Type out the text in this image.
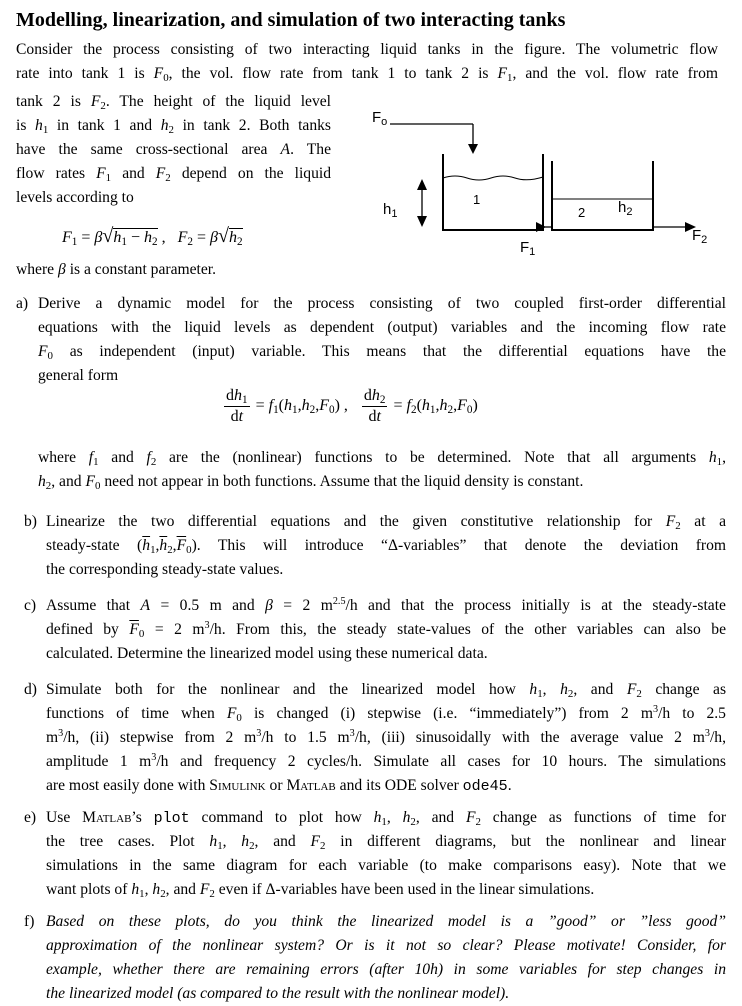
Modelling, linearization, and simulation of two interacting tanks
Consider the process consisting of two interacting liquid tanks in the figure. The volumetric flow
rate into tank 1 is $F_0$, the vol. flow rate from tank 1 to tank 2 is $F_1$, and the vol. flow rate from
tank 2 is $F_2$. The height of the liquid level
is $h_1$ in tank 1 and $h_2$ in tank 2. Both tanks
have the same cross-sectional area A. The
flow rates $F_1$ and $F_2$ depend on the liquid
levels according to
$F_1 = \beta√h_1 - h_2$ ,   $F_2 = \beta√h_2$
where β is a constant parameter.
$F_o$
1
$h_1$	2 $h_2$
$F_1$
$F_2$
a) Derive a dynamic model for the process consisting of two coupled first-order differential
equations with the liquid levels as dependent (output) variables and the incoming flow rate
$F_0$ as independent (input) variable. This means that the differential equations have the
general form
$\frac{dh_1}{dt} = f_1(h_1,h_2,F_0)$ , $\frac{dh_2}{dt} = f_2(h_1,h_2,F_0)$
where $f_1$ and $f_2$ are the (nonlinear) functions to be determined. Note that all arguments $h_1$,
$h_2$, and $F_0$ need not appear in both functions. Assume that the liquid density is constant.
b) Linearize the two differential equations and the given constitutive relationship for $F_2$ at a
steady-state $(\overline{h}_1,\overline{h}_2,\overline{F}_0)$. This will introduce “Δ-variables” that denote the deviation from
the corresponding steady-state values.
c) Assume that A = 0.5 m and β = 2 $m^{2.5}/h$ and that the process initially is at the steady-state
defined by $\overline{F}_0 = 2$ $m^3/h$. From this, the steady state-values of the other variables can also be
calculated. Determine the linearized model using these numerical data.
d) Simulate both for the nonlinear and the linearized model how $h_1$, $h_2$, and $F_2$ change as
functions of time when $F_0$ is changed (i) stepwise (i.e. “immediately”) from 2 $m^3/h$ to 2.5
$m^3/h$, (ii) stepwise from 2 $m^3/h$ to 1.5 $m^3/h$, (iii) sinusoidally with the average value 2 $m^3/h$,
amplitude 1 $m^3/h$ and frequency 2 cycles/h. Simulate all cases for 10 hours. The simulations
are most easily done with Simulink or Matlab and its ODE solver ode45.
e) Use Matlab’s plot command to plot how $h_1$, $h_2$, and $F_2$ change as functions of time for
the tree cases. Plot $h_1$, $h_2$, and $F_2$ in different diagrams, but the nonlinear and linear
simulations in the same diagram for each variable (to make comparisons easy). Note that we
want plots of $h_1$, $h_2$, and $F_2$ even if Δ-variables have been used in the linear simulations.
f) Based on these plots, do you think the linearized model is a ”good” or ”less good”
approximation of the nonlinear system? Or is it not so clear? Please motivate! Consider, for
example, whether there are remaining errors (after 10h) in some variables for step changes in
the linearized model (as compared to the result with the nonlinear model).
